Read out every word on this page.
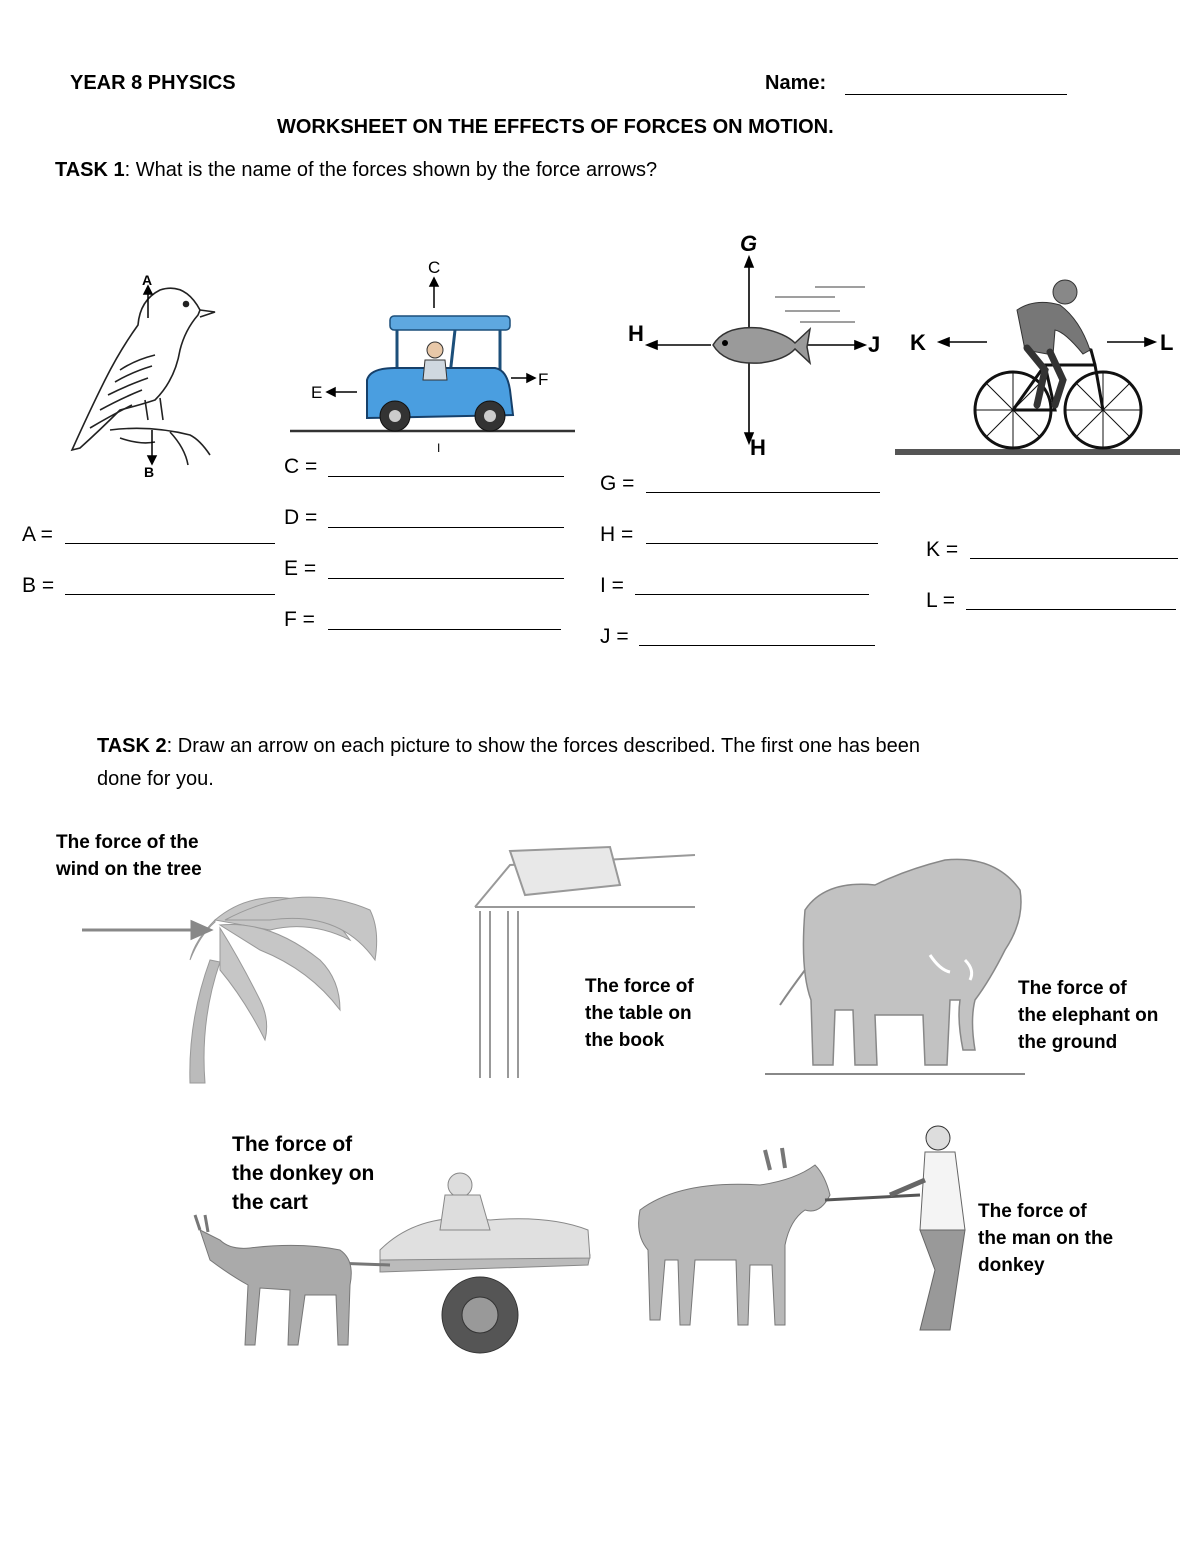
YEAR 8 PHYSICS	Name:
WORKSHEET ON THE EFFECTS OF FORCES ON MOTION.
TASK 1: What is the name of the forces shown by the force arrows?
A
B
C
E
F
I
G
H	J
H
K	L
A =
B =
C =
D =
E =
F =
G =
H =
I =
J =
K =
L =
TASK 2: Draw an arrow on each picture to show the forces described. The first one has been
done for you.
The force of the
wind on the tree
The force of
the table on
the book
The force of
the elephant on
the ground
The force of
the donkey on
the cart	The force of
the man on the
donkey
